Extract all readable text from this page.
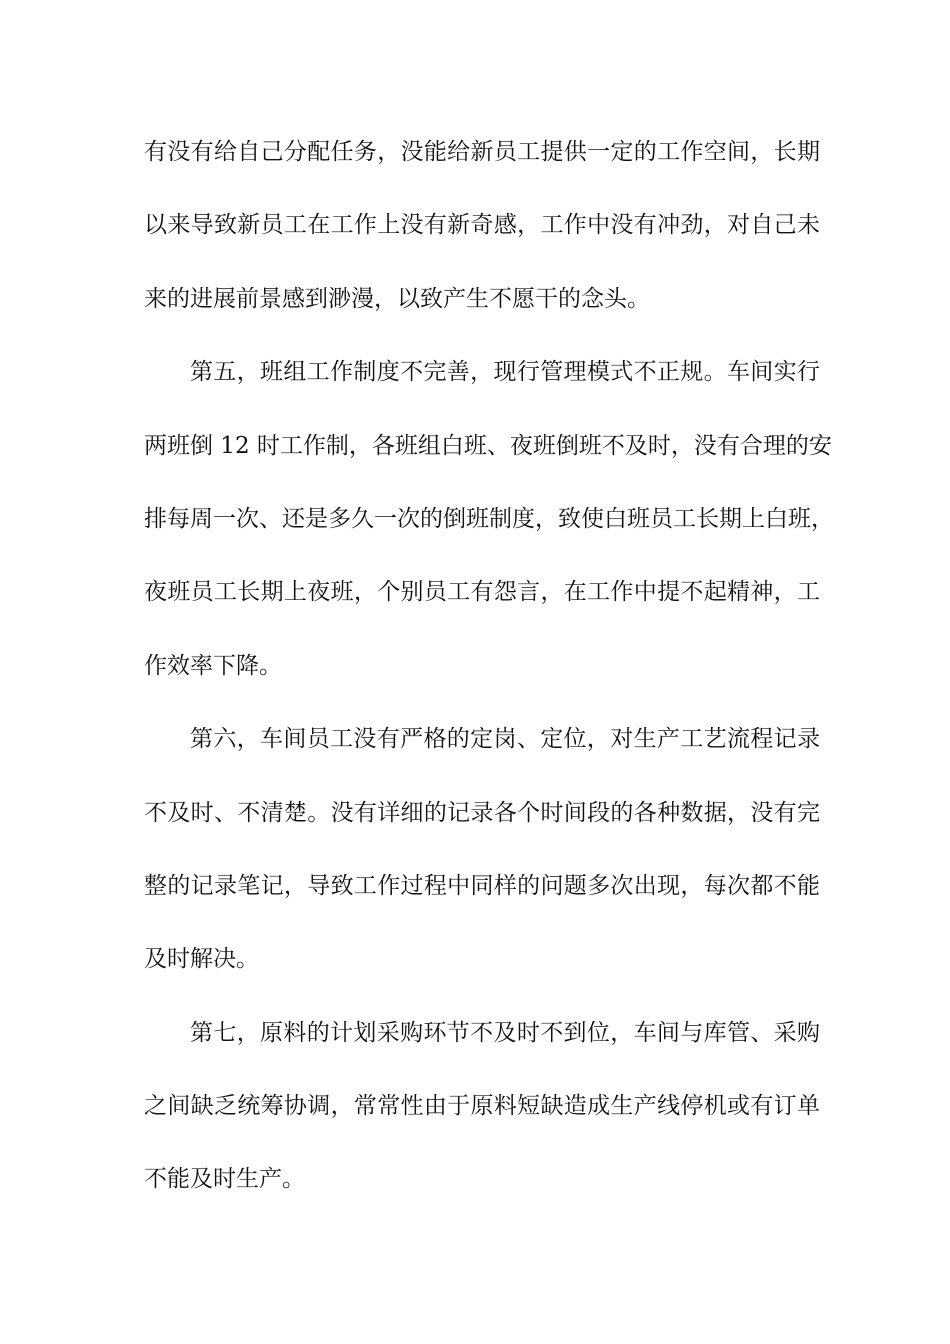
有没有给自己分配任务，没能给新员工提供一定的工作空间，长期
以来导致新员工在工作上没有新奇感，工作中没有冲劲，对自己未
来的进展前景感到渺漫，以致产生不愿干的念头。
第五，班组工作制度不完善，现行管理模式不正规。车间实行
两班倒 12 时工作制，各班组白班、夜班倒班不及时，没有合理的安
排每周一次、还是多久一次的倒班制度，致使白班员工长期上白班，
夜班员工长期上夜班，个别员工有怨言，在工作中提不起精神，工
作效率下降。
第六，车间员工没有严格的定岗、定位，对生产工艺流程记录
不及时、不清楚。没有详细的记录各个时间段的各种数据，没有完
整的记录笔记，导致工作过程中同样的问题多次出现，每次都不能
及时解决。
第七，原料的计划采购环节不及时不到位，车间与库管、采购
之间缺乏统筹协调，常常性由于原料短缺造成生产线停机或有订单
不能及时生产。
